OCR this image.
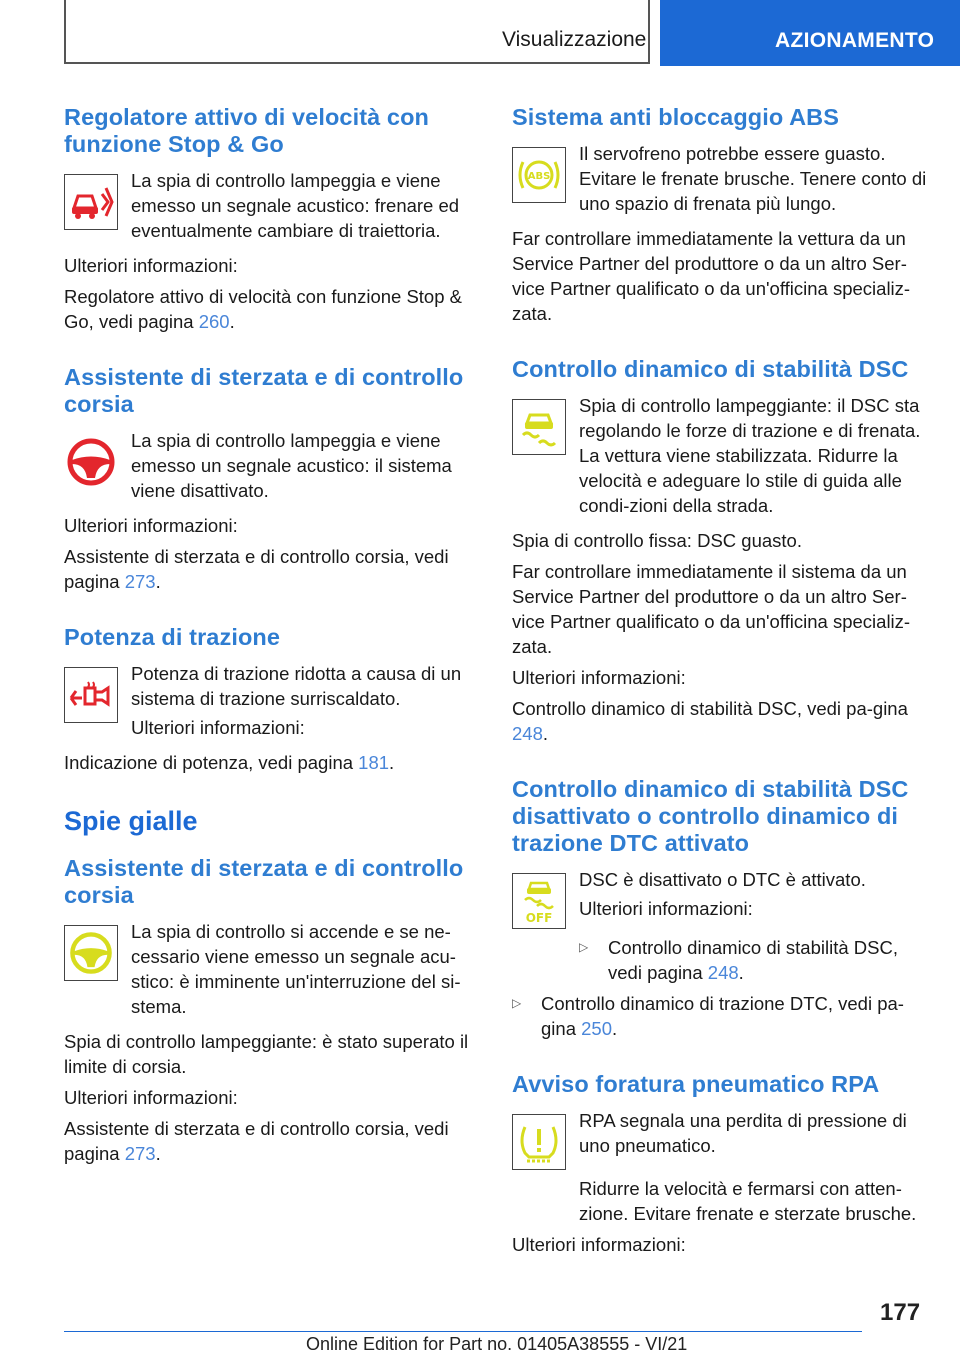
Visualizzazione	AZIONAMENTO
Regolatore attivo di velocità con funzione Stop & Go

La spia di controllo lampeggia e viene emesso un segnale acustico: frenare ed eventualmente cambiare di traiettoria.

Ulteriori informazioni:

Regolatore attivo di velocità con funzione Stop & Go, vedi pagina 260.

Assistente di sterzata e di controllo corsia

La spia di controllo lampeggia e viene emesso un segnale acustico: il sistema viene disattivato.

Ulteriori informazioni:

Assistente di sterzata e di controllo corsia, vedi pagina 273.

Potenza di trazione

Potenza di trazione ridotta a causa di un sistema di trazione surriscaldato.

Ulteriori informazioni:

Indicazione di potenza, vedi pagina 181.

Spie gialle
Assistente di sterzata e di controllo corsia

La spia di controllo si accende e se ne-cessario viene emesso un segnale acu-stico: è imminente un'interruzione del si-stema.

Spia di controllo lampeggiante: è stato superato il limite di corsia.

Ulteriori informazioni:

Assistente di sterzata e di controllo corsia, vedi pagina 273.

Sistema anti bloccaggio ABS
ABS

Il servofreno potrebbe essere guasto. Evitare le frenate brusche. Tenere conto di uno spazio di frenata più lungo.

Far controllare immediatamente la vettura da un Service Partner del produttore o da un altro Ser-vice Partner qualificato o da un'officina specializ-zata.

Controllo dinamico di stabilità DSC

Spia di controllo lampeggiante: il DSC sta regolando le forze di trazione e di frenata. La vettura viene stabilizzata. Ridurre la velocità e adeguare lo stile di guida alle condi-zioni della strada.

Spia di controllo fissa: DSC guasto.

Far controllare immediatamente il sistema da un Service Partner del produttore o da un altro Ser-vice Partner qualificato o da un'officina specializ-zata.

Ulteriori informazioni:

Controllo dinamico di stabilità DSC, vedi pa-gina 248.

Controllo dinamico di stabilità DSC disattivato o controllo dinamico di trazione DTC attivato
OFF

DSC è disattivato o DTC è attivato.

Ulteriori informazioni:

▷	Controllo dinamico di stabilità DSC, vedi pagina 248.

▷	Controllo dinamico di trazione DTC, vedi pa-gina 250.

Avviso foratura pneumatico RPA

RPA segnala una perdita di pressione di uno pneumatico.

Ridurre la velocità e fermarsi con atten-zione. Evitare frenate e sterzate brusche.

Ulteriori informazioni:

177
Online Edition for Part no. 01405A38555 - VI/21
